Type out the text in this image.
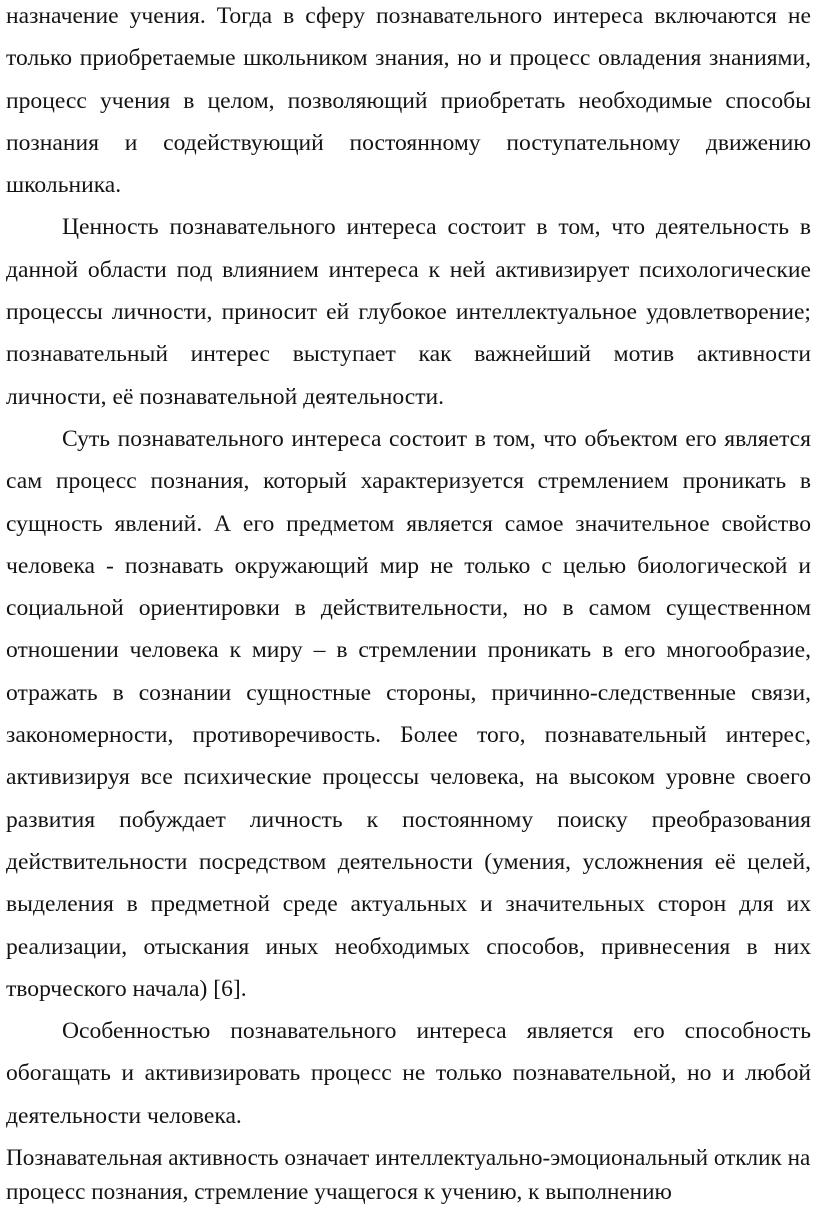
назначение учения. Тогда в сферу познавательного интереса включаются не только приобретаемые школьником знания, но и процесс овладения знаниями, процесс учения в целом, позволяющий приобретать необходимые способы познания и содействующий постоянному поступательному движению школьника.

Ценность познавательного интереса состоит в том, что деятельность в данной области под влиянием интереса к ней активизирует психологические процессы личности, приносит ей глубокое интеллектуальное удовлетворение; познавательный интерес выступает как важнейший мотив активности личности, её познавательной деятельности.

Суть познавательного интереса состоит в том, что объектом его является сам процесс познания, который характеризуется стремлением проникать в сущность явлений. А его предметом является самое значительное свойство человека - познавать окружающий мир не только с целью биологической и социальной ориентировки в действительности, но в самом существенном отношении человека к миру – в стремлении проникать в его многообразие, отражать в сознании сущностные стороны, причинно-следственные связи, закономерности, противоречивость. Более того, познавательный интерес, активизируя все психические процессы человека, на высоком уровне своего развития побуждает личность к постоянному поиску преобразования действительности посредством деятельности (умения, усложнения её целей, выделения в предметной среде актуальных и значительных сторон для их реализации, отыскания иных необходимых способов, привнесения в них творческого начала) [6].

Особенностью познавательного интереса является его способность обогащать и активизировать процесс не только познавательной, но и любой деятельности человека.

Познавательная активность означает интеллектуально-эмоциональный отклик на процесс познания, стремление учащегося к учению, к выполнению
